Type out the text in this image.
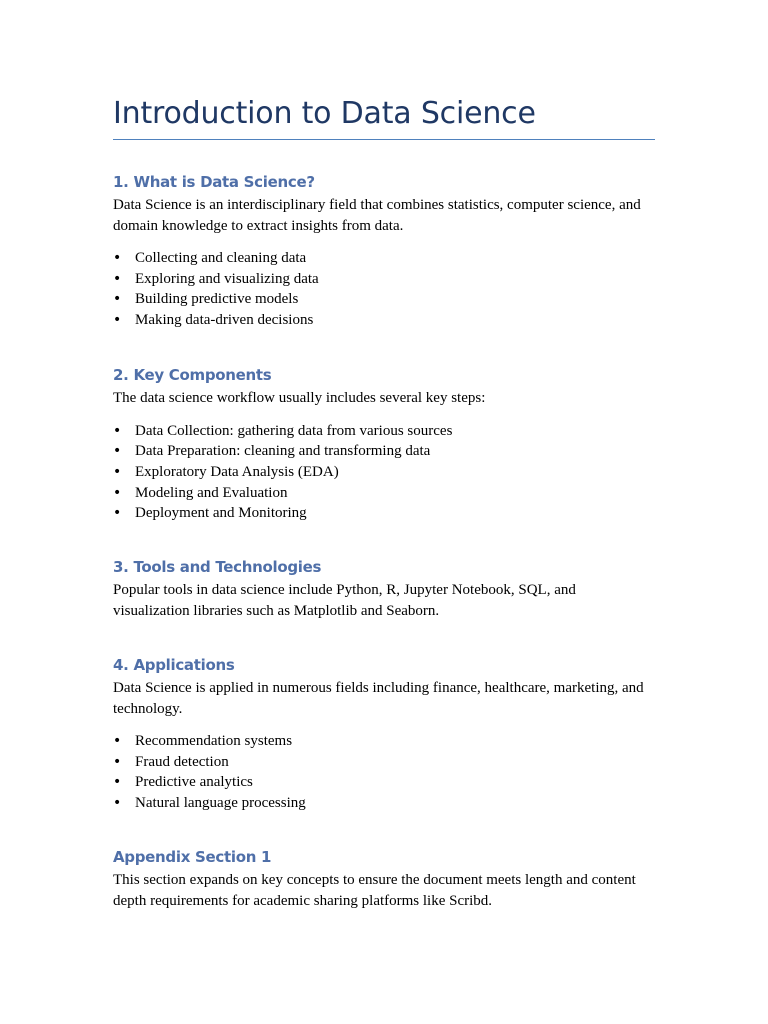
Introduction to Data Science
1. What is Data Science?

Data Science is an interdisciplinary field that combines statistics, computer science, and domain knowledge to extract insights from data.

• Collecting and cleaning data
• Exploring and visualizing data
• Building predictive models
• Making data-driven decisions
2. Key Components

The data science workflow usually includes several key steps:

• Data Collection: gathering data from various sources
• Data Preparation: cleaning and transforming data
• Exploratory Data Analysis (EDA)
• Modeling and Evaluation
• Deployment and Monitoring
3. Tools and Technologies

Popular tools in data science include Python, R, Jupyter Notebook, SQL, and visualization libraries such as Matplotlib and Seaborn.

4. Applications

Data Science is applied in numerous fields including finance, healthcare, marketing, and technology.

• Recommendation systems
• Fraud detection
• Predictive analytics
• Natural language processing
Appendix Section 1

This section expands on key concepts to ensure the document meets length and content depth requirements for academic sharing platforms like Scribd.
